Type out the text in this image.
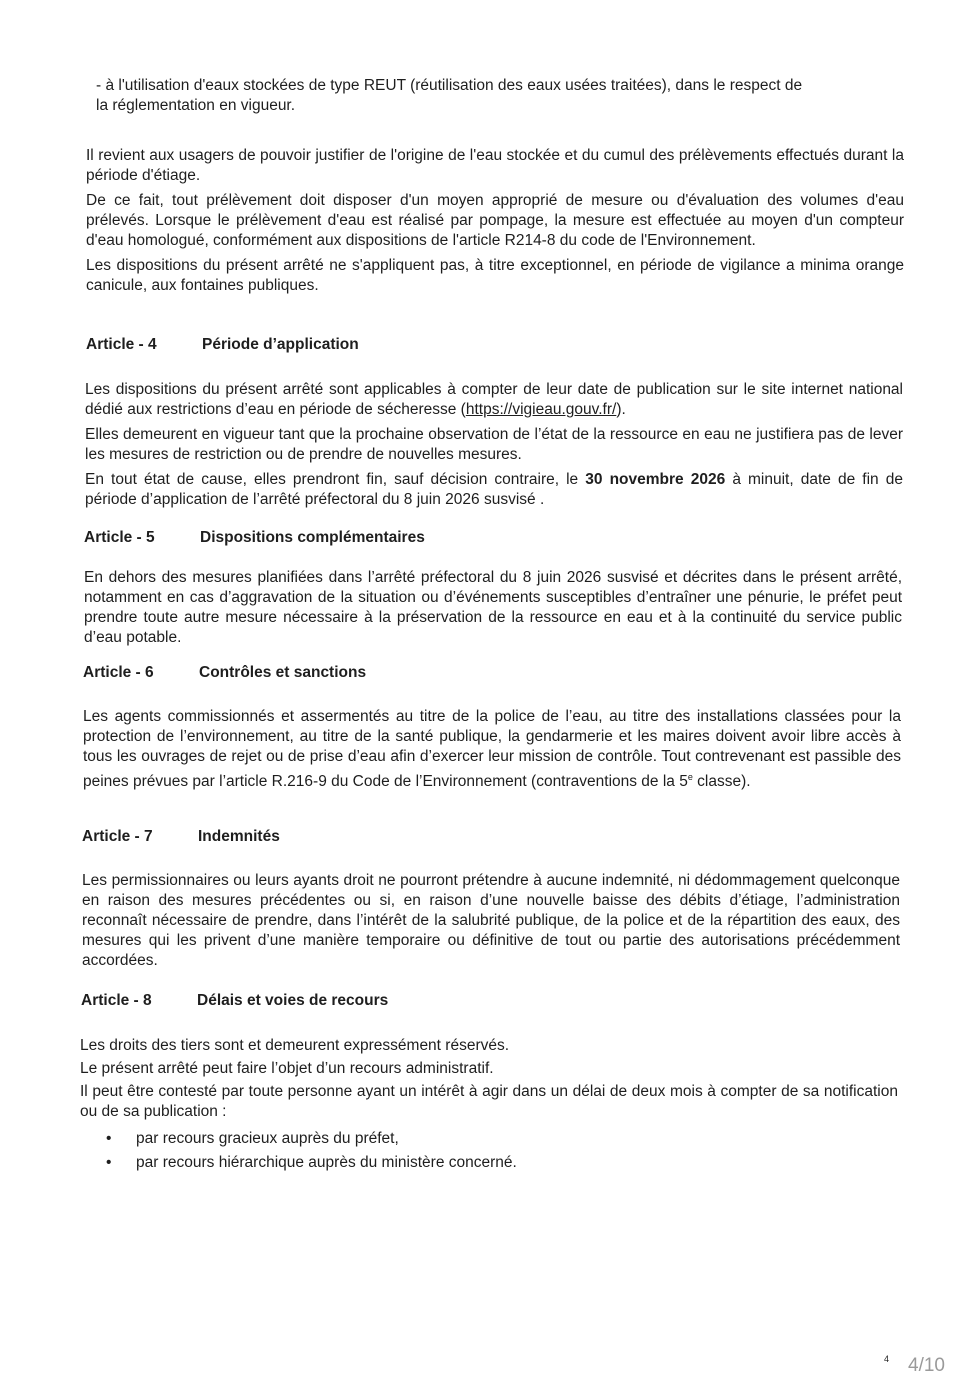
- à l'utilisation d'eaux stockées de type REUT (réutilisation des eaux usées traitées), dans le respect de

la réglementation en vigueur.

Il revient aux usagers de pouvoir justifier de l'origine de l'eau stockée et du cumul des prélèvements effectués durant la période d'étiage.

De ce fait, tout prélèvement doit disposer d'un moyen approprié de mesure ou d'évaluation des volumes d'eau prélevés. Lorsque le prélèvement d'eau est réalisé par pompage, la mesure est effectuée au moyen d'un compteur d'eau homologué, conformément aux dispositions de l'article R214-8 du code de l'Environnement.

Les dispositions du présent arrêté ne s'appliquent pas, à titre exceptionnel, en période de vigilance a minima orange canicule, aux fontaines publiques.

Article - 4	Période d’application

Les dispositions du présent arrêté sont applicables à compter de leur date de publication sur le site internet national dédié aux restrictions d’eau en période de sécheresse (https://vigieau.gouv.fr/).

Elles demeurent en vigueur tant que la prochaine observation de l’état de la ressource en eau ne justifiera pas de lever les mesures de restriction ou de prendre de nouvelles mesures.

En tout état de cause, elles prendront fin, sauf décision contraire, le 30 novembre 2026 à minuit, date de fin de période d’application de l’arrêté préfectoral du 8 juin 2026 susvisé .

Article - 5	Dispositions complémentaires

En dehors des mesures planifiées dans l’arrêté préfectoral du 8 juin 2026 susvisé et décrites dans le présent arrêté, notamment en cas d’aggravation de la situation ou d’événements susceptibles d’entraîner une pénurie, le préfet peut prendre toute autre mesure nécessaire à la préservation de la ressource en eau et à la continuité du service public d’eau potable.

Article - 6	Contrôles et sanctions

Les agents commissionnés et assermentés au titre de la police de l’eau, au titre des installations classées pour la protection de l’environnement, au titre de la santé publique, la gendarmerie et les maires doivent avoir libre accès à tous les ouvrages de rejet ou de prise d’eau afin d’exercer leur mission de contrôle. Tout contrevenant est passible des peines prévues par l’article R.216-9 du Code de l’Environnement (contraventions de la 5e classe).

Article - 7	Indemnités

Les permissionnaires ou leurs ayants droit ne pourront prétendre à aucune indemnité, ni dédommagement quelconque en raison des mesures précédentes ou si, en raison d’une nouvelle baisse des débits d’étiage, l’administration reconnaît nécessaire de prendre, dans l’intérêt de la salubrité publique, de la police et de la répartition des eaux, des mesures qui les privent d’une manière temporaire ou définitive de tout ou partie des autorisations précédemment accordées.

Article - 8	Délais et voies de recours

Les droits des tiers sont et demeurent expressément réservés.

Le présent arrêté peut faire l’objet d’un recours administratif.

Il peut être contesté par toute personne ayant un intérêt à agir dans un délai de deux mois à compter de sa notification ou de sa publication :

• par recours gracieux auprès du préfet,
• par recours hiérarchique auprès du ministère concerné.
4 4/10
